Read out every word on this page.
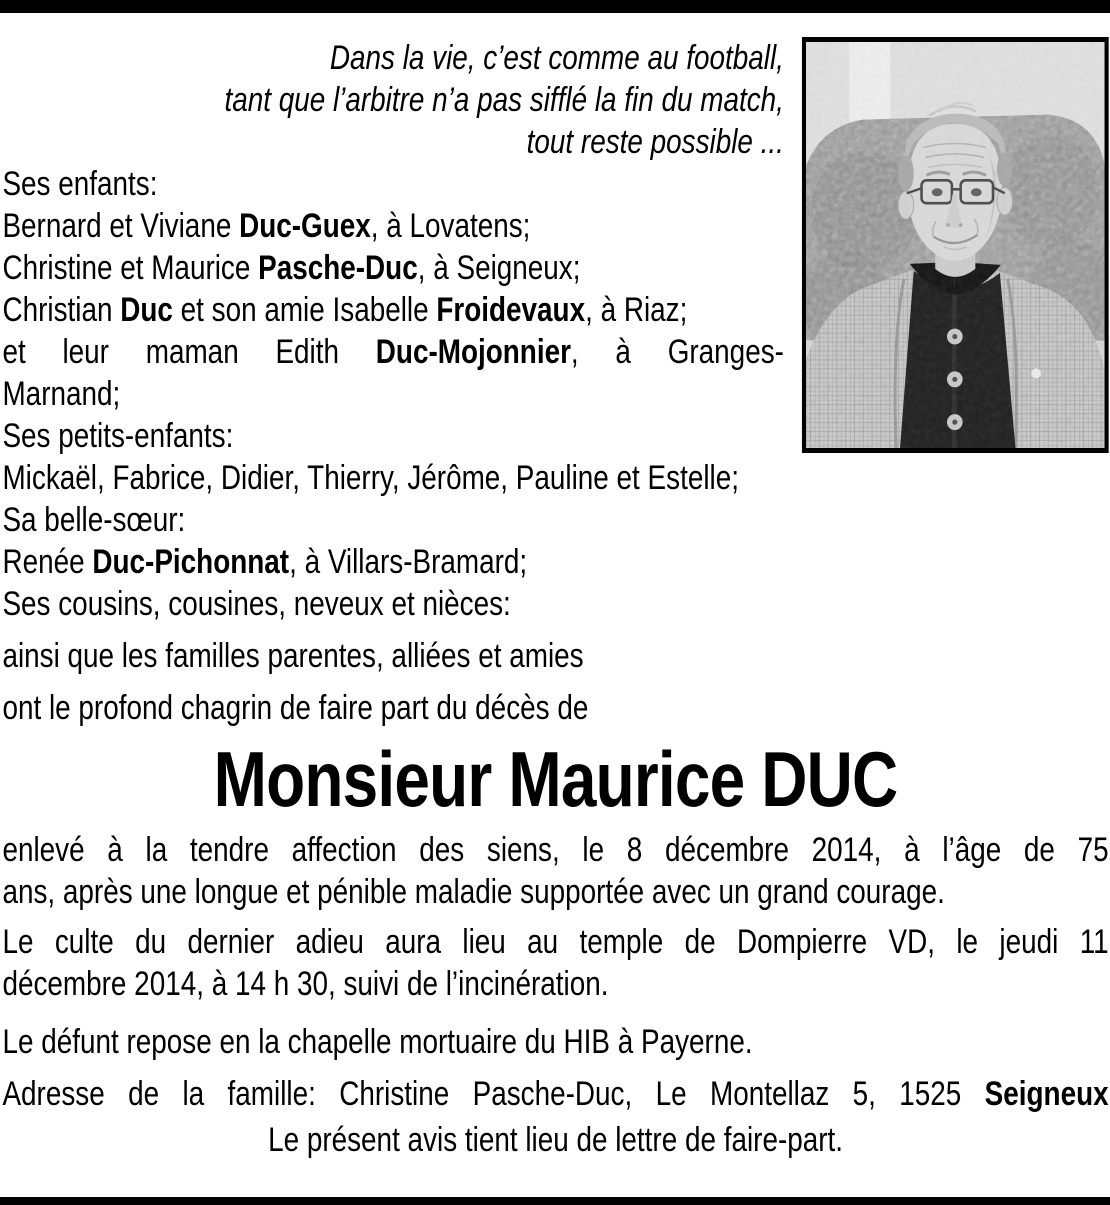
Dans la vie, c’est comme au football,
tant que l’arbitre n’a pas sifflé la fin du match,
tout reste possible ...
Ses enfants:
Bernard et Viviane Duc-Guex, à Lovatens;
Christine et Maurice Pasche-Duc, à Seigneux;
Christian Duc et son amie Isabelle Froidevaux, à Riaz;
et leur maman Edith Duc-Mojonnier, à Granges-
Marnand;
Ses petits-enfants:
Mickaël, Fabrice, Didier, Thierry, Jérôme, Pauline et Estelle;
Sa belle-sœur:
Renée Duc-Pichonnat, à Villars-Bramard;
Ses cousins, cousines, neveux et nièces:
ainsi que les familles parentes, alliées et amies
ont le profond chagrin de faire part du décès de
Monsieur Maurice DUC
enlevé à la tendre affection des siens, le 8 décembre 2014, à l’âge de 75
ans, après une longue et pénible maladie supportée avec un grand courage.
Le culte du dernier adieu aura lieu au temple de Dompierre VD, le jeudi 11
décembre 2014, à 14 h 30, suivi de l’incinération.
Le défunt repose en la chapelle mortuaire du HIB à Payerne.
Adresse de la famille: Christine Pasche-Duc, Le Montellaz 5, 1525 Seigneux
Le présent avis tient lieu de lettre de faire-part.
